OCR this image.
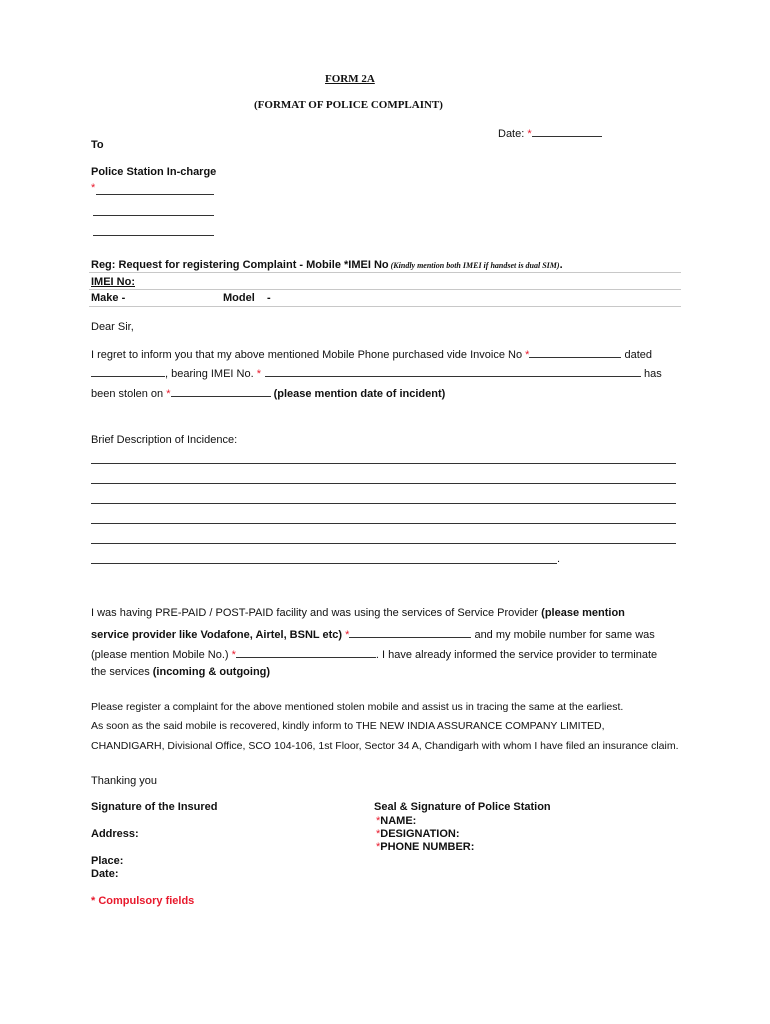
FORM 2A
(FORMAT OF POLICE COMPLAINT)
Date: *
To
Police Station In-charge
*
Reg: Request for registering Complaint - Mobile *IMEI No (Kindly mention both IMEI if handset is dual SIM).
IMEI No:
Make -	Model -
Dear Sir,
I regret to inform you that my above mentioned Mobile Phone purchased vide Invoice No *	dated
, bearing IMEI No. *	has
been stolen on *	(please mention date of incident)
Brief Description of Incidence:
.
I was having PRE-PAID / POST-PAID facility and was using the services of Service Provider (please mention
service provider like Vodafone, Airtel, BSNL etc) *	and my mobile number for same was
(please mention Mobile No.) *	. I have already informed the service provider to terminate
the services (incoming & outgoing)
Please register a complaint for the above mentioned stolen mobile and assist us in tracing the same at the earliest.
As soon as the said mobile is recovered, kindly inform to THE NEW INDIA ASSURANCE COMPANY LIMITED,
CHANDIGARH, Divisional Office, SCO 104-106, 1st Floor, Sector 34 A, Chandigarh with whom I have filed an insurance claim.
Thanking you
Signature of the Insured
Address:
Place:
Date:
Seal & Signature of Police Station
*NAME:
*DESIGNATION:
*PHONE NUMBER:
* Compulsory fields
